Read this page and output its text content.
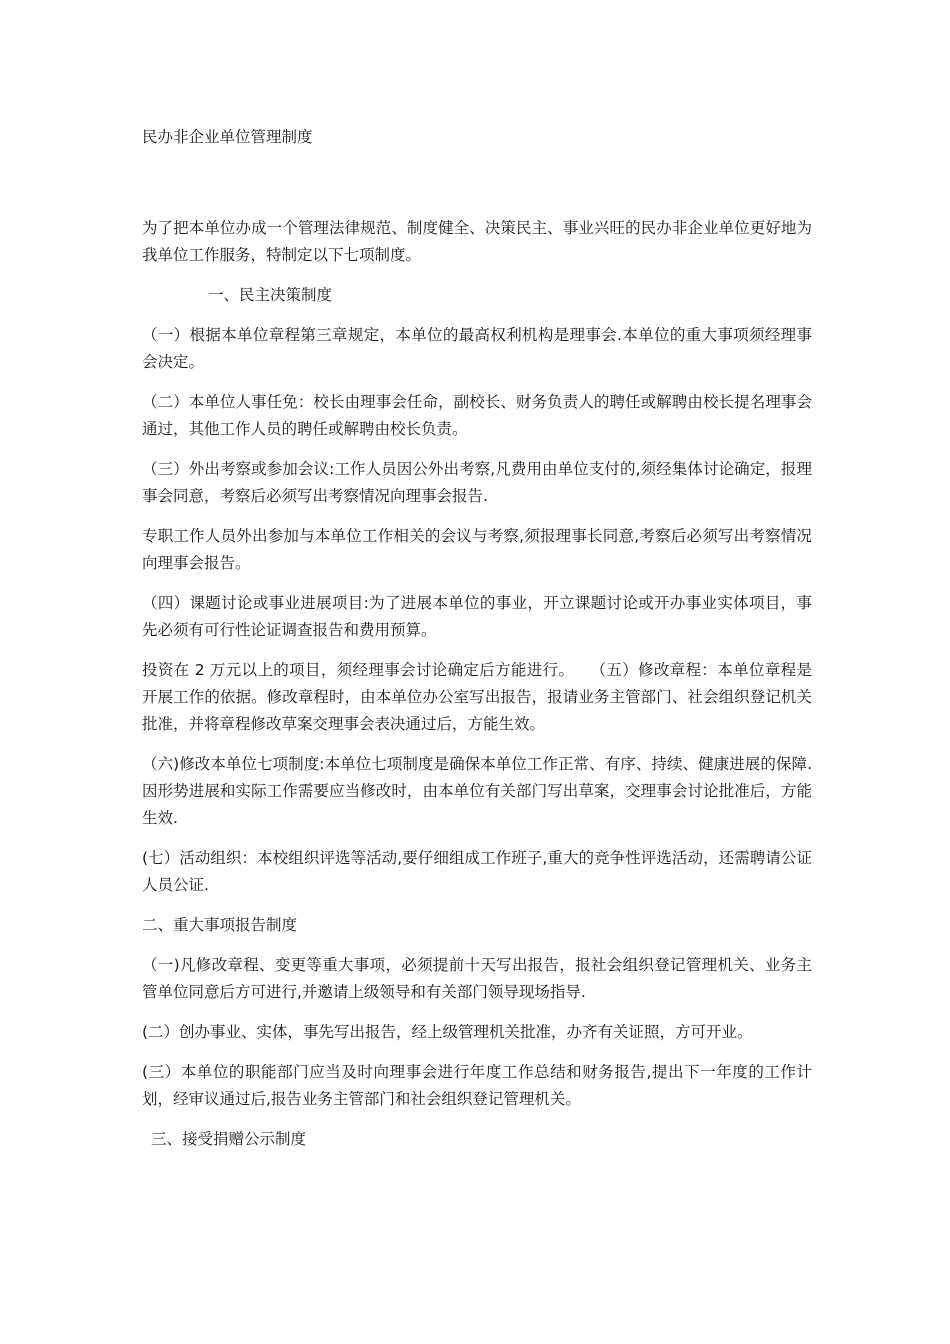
民办非企业单位管理制度

为了把本单位办成一个管理法律规范、制度健全、决策民主、事业兴旺的民办非企业单位更好地为我单位工作服务，特制定以下七项制度。

一、民主决策制度

（一）根据本单位章程第三章规定，本单位的最高权利机构是理事会.本单位的重大事项须经理事会决定。

（二）本单位人事任免：校长由理事会任命，副校长、财务负责人的聘任或解聘由校长提名理事会通过，其他工作人员的聘任或解聘由校长负责。

（三）外出考察或参加会议:工作人员因公外出考察,凡费用由单位支付的,须经集体讨论确定，报理事会同意，考察后必须写出考察情况向理事会报告.

专职工作人员外出参加与本单位工作相关的会议与考察,须报理事长同意,考察后必须写出考察情况向理事会报告。

（四）课题讨论或事业进展项目:为了进展本单位的事业，开立课题讨论或开办事业实体项目，事先必须有可行性论证调查报告和费用预算。

投资在 2 万元以上的项目，须经理事会讨论确定后方能进行。　　（五）修改章程：本单位章程是开展工作的依据。修改章程时，由本单位办公室写出报告，报请业务主管部门、社会组织登记机关批准，并将章程修改草案交理事会表决通过后，方能生效。

（六)修改本单位七项制度:本单位七项制度是确保本单位工作正常、有序、持续、健康进展的保障.因形势进展和实际工作需要应当修改时，由本单位有关部门写出草案，交理事会讨论批准后，方能生效.

(七）活动组织：本校组织评选等活动,要仔细组成工作班子,重大的竞争性评选活动，还需聘请公证人员公证.

二、重大事项报告制度

（一)凡修改章程、变更等重大事项，必须提前十天写出报告，报社会组织登记管理机关、业务主管单位同意后方可进行,并邀请上级领导和有关部门领导现场指导.

(二）创办事业、实体，事先写出报告，经上级管理机关批准，办齐有关证照，方可开业。

(三）本单位的职能部门应当及时向理事会进行年度工作总结和财务报告,提出下一年度的工作计划，经审议通过后,报告业务主管部门和社会组织登记管理机关。

三、接受捐赠公示制度
